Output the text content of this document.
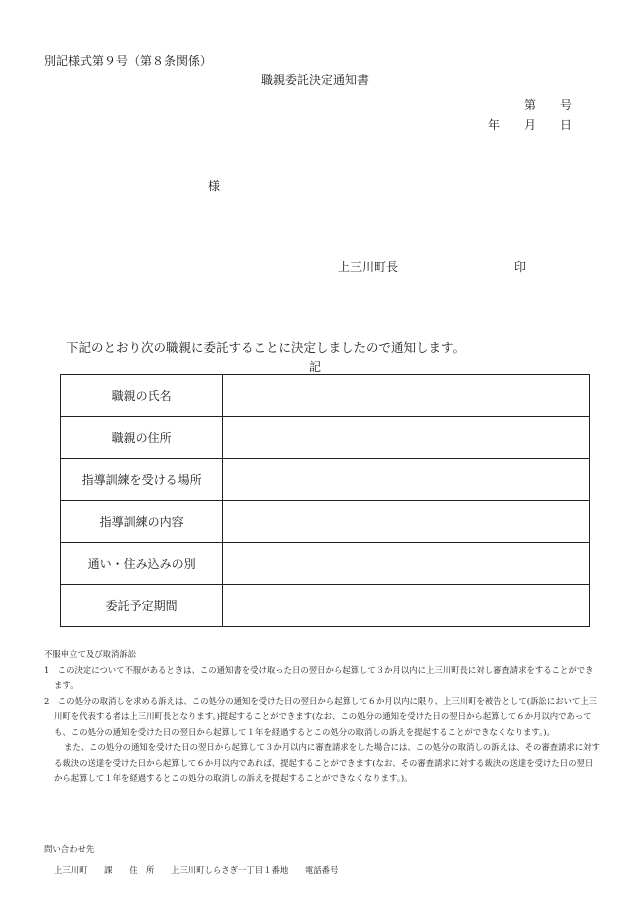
別記様式第９号（第８条関係）
職親委託決定通知書
第　　号
年　　月　　日
様
上三川町長	印
下記のとおり次の職親に委託することに決定しましたので通知します。
記
職親の氏名	
職親の住所	
指導訓練を受ける場所	
指導訓練の内容	
通い・住み込みの別	
委託予定期間	

不服申立て及び取消訴訟

1　この決定について不服があるときは、この通知書を受け取った日の翌日から起算して３か月以内に上三川町長に対し審査請求をすることができます。

2　この処分の取消しを求める訴えは、この処分の通知を受けた日の翌日から起算して６か月以内に限り、上三川町を被告として(訴訟において上三川町を代表する者は上三川町長となります。)提起することができます(なお、この処分の通知を受けた日の翌日から起算して６か月以内であっても、この処分の通知を受けた日の翌日から起算して１年を経過するとこの処分の取消しの訴えを提起することができなくなります。)。

また、この処分の通知を受けた日の翌日から起算して３か月以内に審査請求をした場合には、この処分の取消しの訴えは、その審査請求に対する裁決の送達を受けた日から起算して６か月以内であれば、提起することができます(なお、その審査請求に対する裁決の送達を受けた日の翌日から起算して１年を経過するとこの処分の取消しの訴えを提起することができなくなります。)。

問い合わせ先
上三川町 課 住　所 上三川町しらさぎ一丁目１番地 電話番号
